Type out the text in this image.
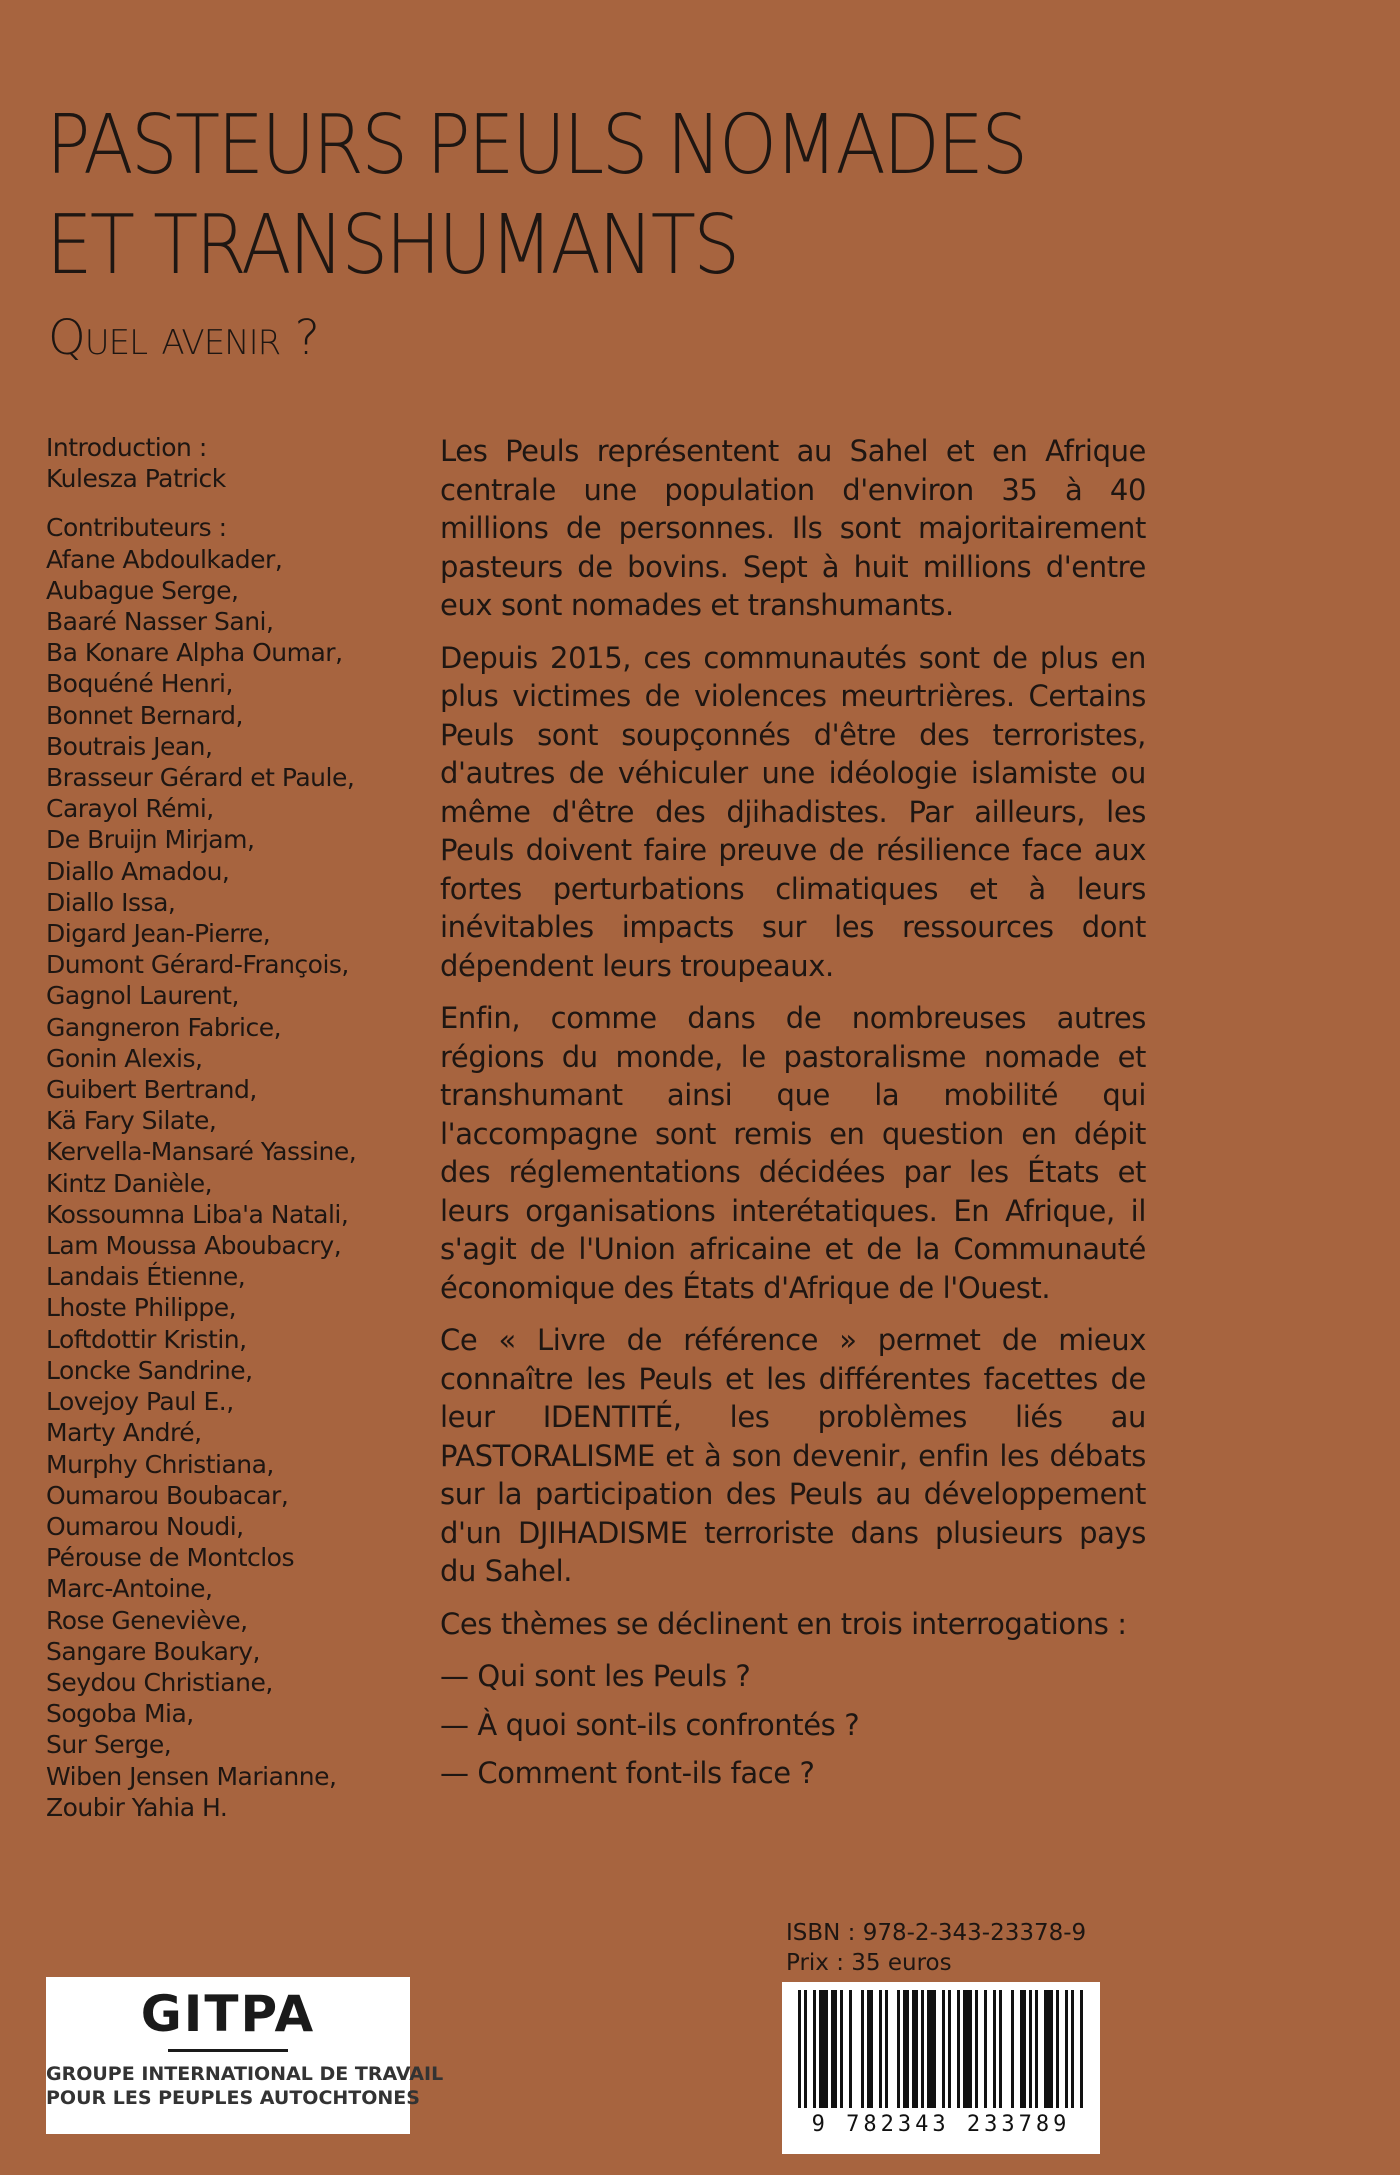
PASTEURS PEULS NOMADES
ET TRANSHUMANTS
Quel avenir ?
Introduction :
Kulesza Patrick
Contributeurs :
Afane Abdoulkader,
Aubague Serge,
Baaré Nasser Sani,
Ba Konare Alpha Oumar,
Boquéné Henri,
Bonnet Bernard,
Boutrais Jean,
Brasseur Gérard et Paule,
Carayol Rémi,
De Bruijn Mirjam,
Diallo Amadou,
Diallo Issa,
Digard Jean-Pierre,
Dumont Gérard-François,
Gagnol Laurent,
Gangneron Fabrice,
Gonin Alexis,
Guibert Bertrand,
Kä Fary Silate,
Kervella-Mansaré Yassine,
Kintz Danièle,
Kossoumna Liba'a Natali,
Lam Moussa Aboubacry,
Landais Étienne,
Lhoste Philippe,
Loftdottir Kristin,
Loncke Sandrine,
Lovejoy Paul E.,
Marty André,
Murphy Christiana,
Oumarou Boubacar,
Oumarou Noudi,
Pérouse de Montclos
Marc-Antoine,
Rose Geneviève,
Sangare Boukary,
Seydou Christiane,
Sogoba Mia,
Sur Serge,
Wiben Jensen Marianne,
Zoubir Yahia H.

Les Peuls représentent au Sahel et en Afrique centrale une population d'environ 35 à 40 millions de personnes. Ils sont majoritairement pasteurs de bovins. Sept à huit millions d'entre eux sont nomades et transhumants.

Depuis 2015, ces communautés sont de plus en plus victimes de violences meurtrières. Certains Peuls sont soupçonnés d'être des terroristes, d'autres de véhiculer une idéologie islamiste ou même d'être des djihadistes. Par ailleurs, les Peuls doivent faire preuve de résilience face aux fortes perturbations climatiques et à leurs inévitables impacts sur les ressources dont dépendent leurs troupeaux.

Enfin, comme dans de nombreuses autres régions du monde, le pastoralisme nomade et transhumant ainsi que la mobilité qui l'accompagne sont remis en question en dépit des réglementations décidées par les États et leurs organisations interétatiques. En Afrique, il s'agit de l'Union africaine et de la Communauté économique des États d'Afrique de l'Ouest.

Ce « Livre de référence » permet de mieux connaître les Peuls et les différentes facettes de leur IDENTITÉ, les problèmes liés au PASTORALISME et à son devenir, enfin les débats sur la participation des Peuls au développement d'un DJIHADISME terroriste dans plusieurs pays du Sahel.

Ces thèmes se déclinent en trois interrogations :

— Qui sont les Peuls ?
— À quoi sont-ils confrontés ?
— Comment font-ils face ?
ISBN : 978-2-343-23378-9
Prix : 35 euros
9 782343 233789
GITPA
GROUPE INTERNATIONAL DE TRAVAIL
POUR LES PEUPLES AUTOCHTONES
